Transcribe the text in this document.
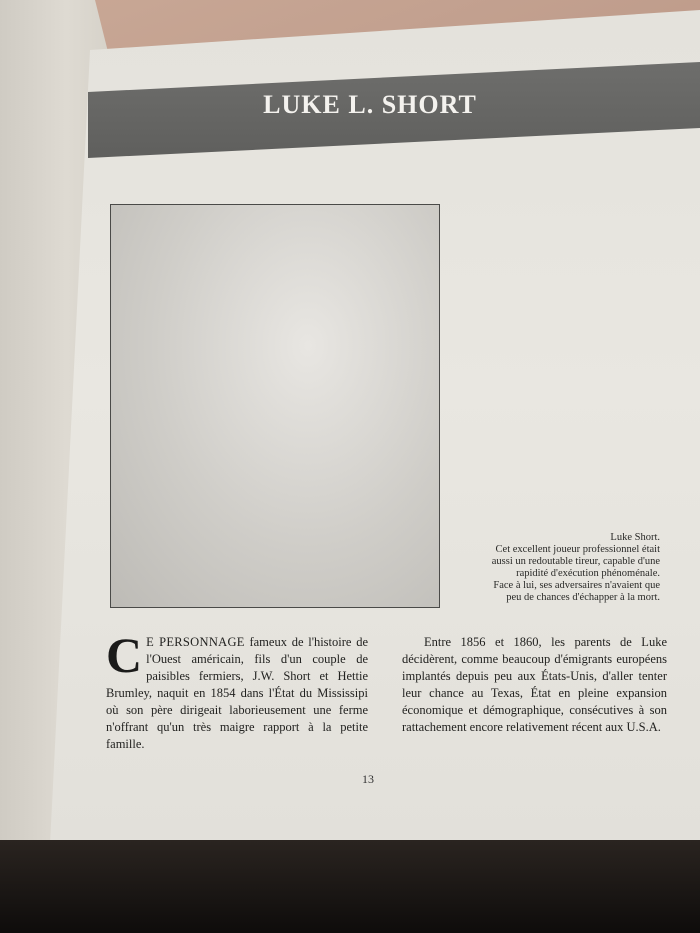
LUKE L. SHORT
Luke Short.
Cet excellent joueur professionnel était
aussi un redoutable tireur, capable d'une
rapidité d'exécution phénoménale.
Face à lui, ses adversaires n'avaient que
peu de chances d'échapper à la mort.
C E PERSONNAGE fameux de l'histoire de l'Ouest américain, fils d'un couple de paisibles fermiers, J.W. Short et Hettie Brumley, naquit en 1854 dans l'État du Mississipi où son père dirigeait laborieusement une ferme n'offrant qu'un très maigre rapport à la petite famille.
Entre 1856 et 1860, les parents de Luke décidèrent, comme beaucoup d'émigrants européens implantés depuis peu aux États-Unis, d'aller tenter leur chance au Texas, État en pleine expansion économique et démographique, consécutives à son rattachement encore relativement récent aux U.S.A.
13
